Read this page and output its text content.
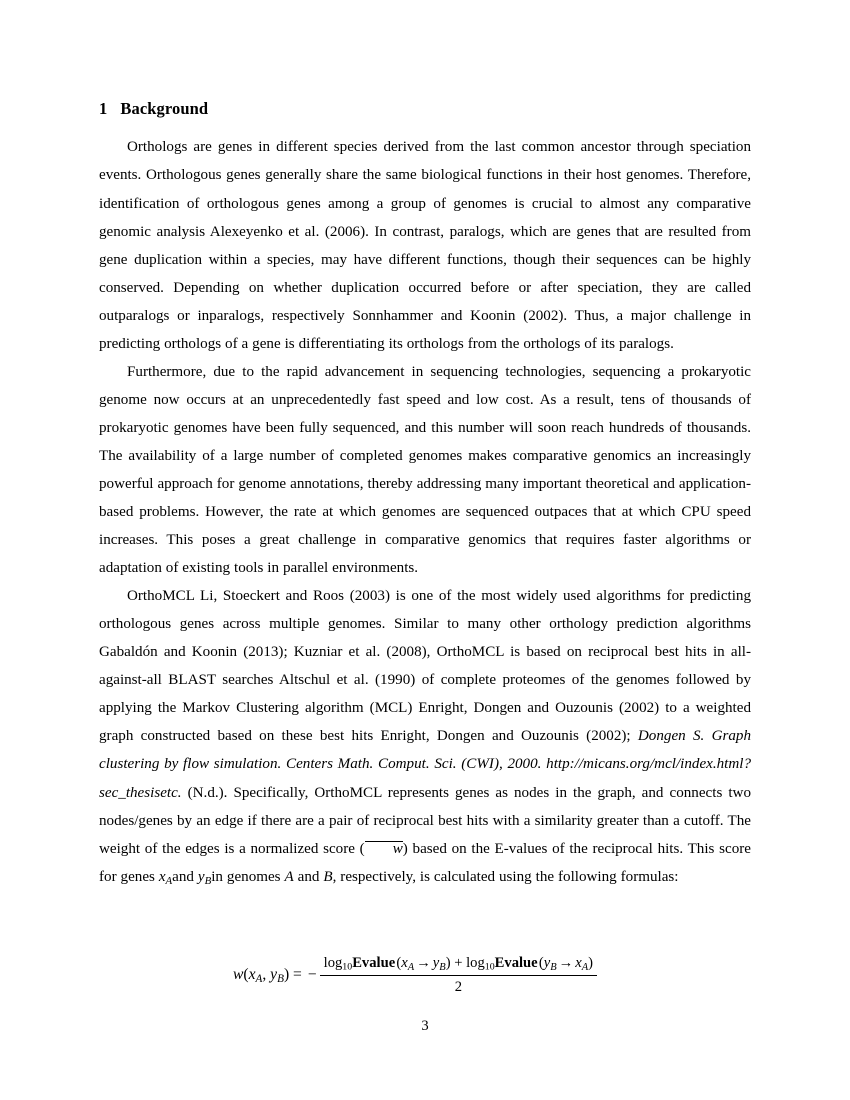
1 Background

Orthologs are genes in different species derived from the last common ancestor through speciation events. Orthologous genes generally share the same biological functions in their host genomes. Therefore, identification of orthologous genes among a group of genomes is crucial to almost any comparative genomic analysis Alexeyenko et al. (2006). In contrast, paralogs, which are genes that are resulted from gene duplication within a species, may have different functions, though their sequences can be highly conserved. Depending on whether duplication occurred before or after speciation, they are called outparalogs or inparalogs, respectively Sonnhammer and Koonin (2002). Thus, a major challenge in predicting orthologs of a gene is differentiating its orthologs from the orthologs of its paralogs.

Furthermore, due to the rapid advancement in sequencing technologies, sequencing a prokaryotic genome now occurs at an unprecedentedly fast speed and low cost. As a result, tens of thousands of prokaryotic genomes have been fully sequenced, and this number will soon reach hundreds of thousands. The availability of a large number of completed genomes makes comparative genomics an increasingly powerful approach for genome annotations, thereby addressing many important theoretical and application-based problems. However, the rate at which genomes are sequenced outpaces that at which CPU speed increases. This poses a great challenge in comparative genomics that requires faster algorithms or adaptation of existing tools in parallel environments.

OrthoMCL Li, Stoeckert and Roos (2003) is one of the most widely used algorithms for predicting orthologous genes across multiple genomes. Similar to many other orthology prediction algorithms Gabaldón and Koonin (2013); Kuzniar et al. (2008), OrthoMCL is based on reciprocal best hits in all-against-all BLAST searches Altschul et al. (1990) of complete proteomes of the genomes followed by applying the Markov Clustering algorithm (MCL) Enright, Dongen and Ouzounis (2002) to a weighted graph constructed based on these best hits Enright, Dongen and Ouzounis (2002); Dongen S. Graph clustering by flow simulation. Centers Math. Comput. Sci. (CWI), 2000. http://micans.org/mcl/index.html?sec_thesisetc. (N.d.). Specifically, OrthoMCL represents genes as nodes in the graph, and connects two nodes/genes by an edge if there are a pair of reciprocal best hits with a similarity greater than a cutoff. The weight of the edges is a normalized score ( w) based on the E-values of the reciprocal hits. This score for genes $x_Aand$ $y_Bin$ genomes A and B, respectively, is calculated using the following formulas:

$w(x_A$, $y_B$) = − $\frac{\log 10Evalue (x_A \to y_B) + \log 10Evalue (y_B \to x_A)}{2}$
3
